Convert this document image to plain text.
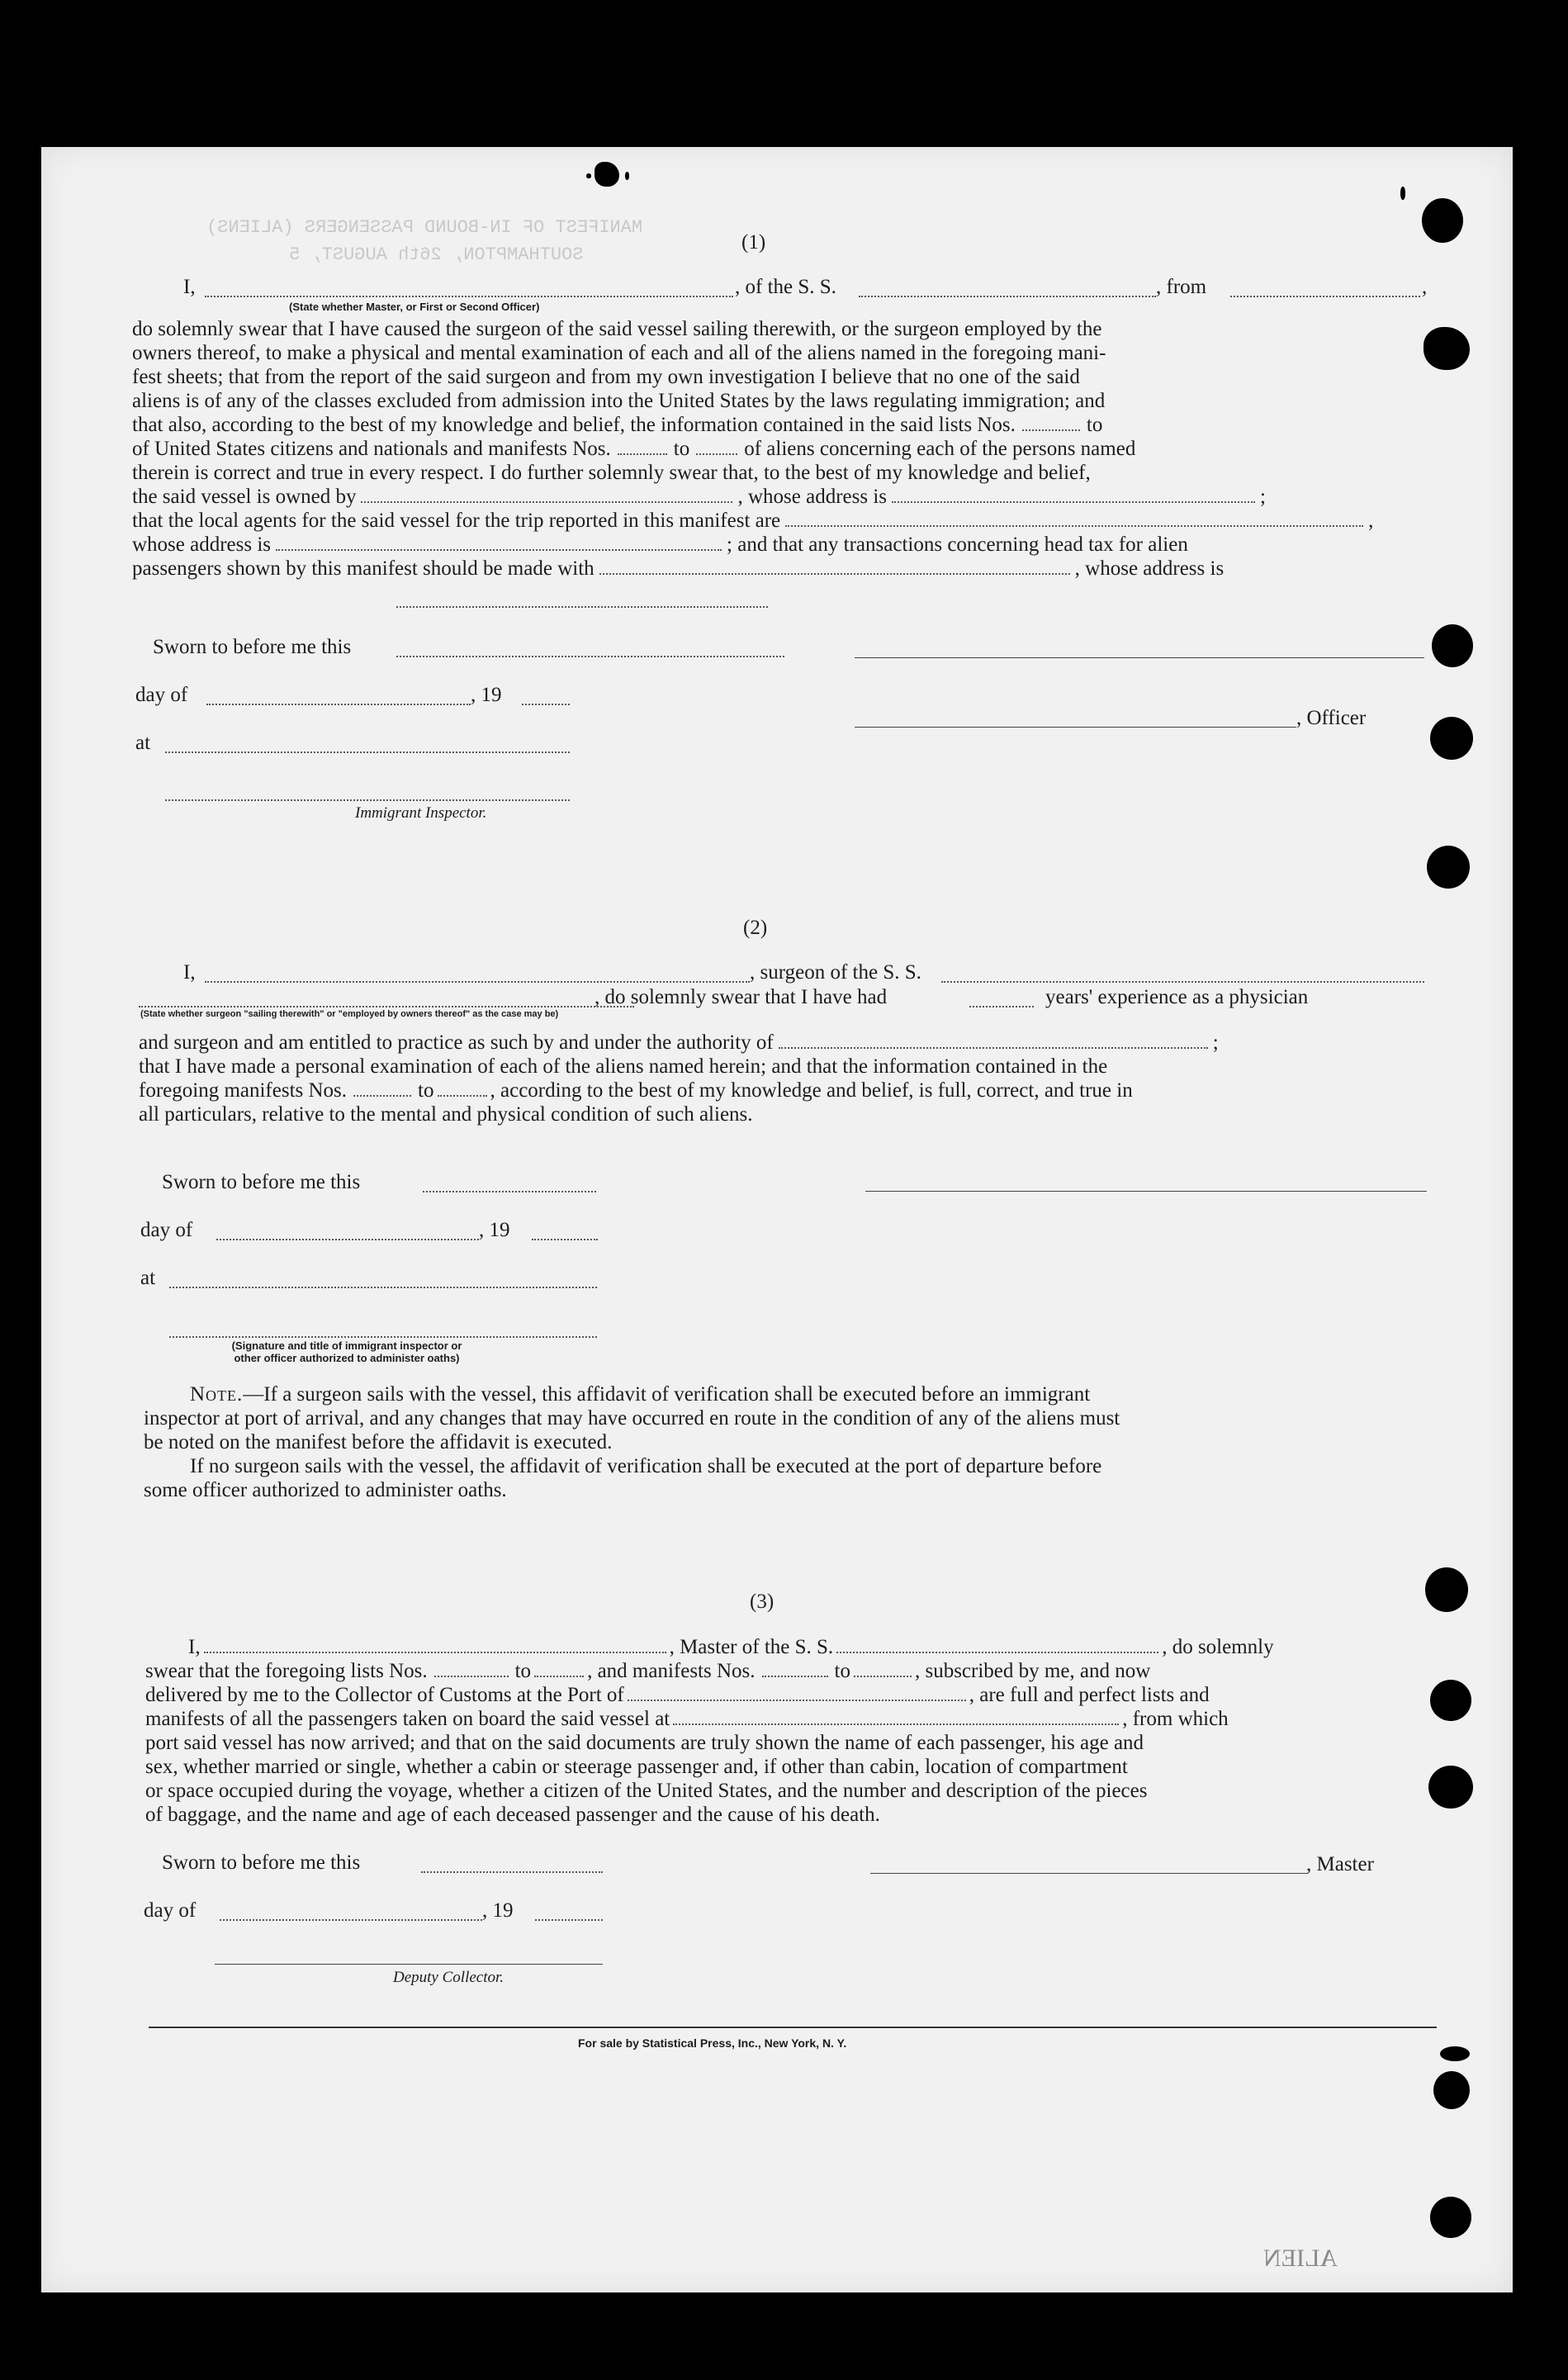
MANIFEST OF IN-BOUND PASSENGERS (ALIENS)
SOUTHAMPTON, 26th AUGUST, 5
ALIEN
(1)
I,	, of the S. S.	, from	,
(State whether Master, or First or Second Officer)
do solemnly swear that I have caused the surgeon of the said vessel sailing therewith, or the surgeon employed by the
owners thereof, to make a physical and mental examination of each and all of the aliens named in the foregoing mani-
fest sheets; that from the report of the said surgeon and from my own investigation I believe that no one of the said
aliens is of any of the classes excluded from admission into the United States by the laws regulating immigration; and
that also, according to the best of my knowledge and belief, the information contained in the said lists Nos.	to
of United States citizens and nationals and manifests Nos.	to	of aliens concerning each of the persons named
therein is correct and true in every respect. I do further solemnly swear that, to the best of my knowledge and belief,
the said vessel is owned by	, whose address is	;
that the local agents for the said vessel for the trip reported in this manifest are	,
whose address is	; and that any transactions concerning head tax for alien
passengers shown by this manifest should be made with	, whose address is
Sworn to before me this
day of	, 19
, Officer
at
Immigrant Inspector.
(2)
I,	, surgeon of the S. S.
, do solemnly swear that I have had	years' experience as a physician
(State whether surgeon "sailing therewith" or "employed by owners thereof" as the case may be)
and surgeon and am entitled to practice as such by and under the authority of	;
that I have made a personal examination of each of the aliens named herein; and that the information contained in the
foregoing manifests Nos.	to	, according to the best of my knowledge and belief, is full, correct, and true in
all particulars, relative to the mental and physical condition of such aliens.
Sworn to before me this
day of	, 19
at
(Signature and title of immigrant inspector or
other officer authorized to administer oaths)
Note.—If a surgeon sails with the vessel, this affidavit of verification shall be executed before an immigrant
inspector at port of arrival, and any changes that may have occurred en route in the condition of any of the aliens must
be noted on the manifest before the affidavit is executed.
If no surgeon sails with the vessel, the affidavit of verification shall be executed at the port of departure before
some officer authorized to administer oaths.
(3)
I,	, Master of the S. S.	, do solemnly
swear that the foregoing lists Nos.	to	, and manifests Nos.	to	, subscribed by me, and now
delivered by me to the Collector of Customs at the Port of	, are full and perfect lists and
manifests of all the passengers taken on board the said vessel at	, from which
port said vessel has now arrived; and that on the said documents are truly shown the name of each passenger, his age and
sex, whether married or single, whether a cabin or steerage passenger and, if other than cabin, location of compartment
or space occupied during the voyage, whether a citizen of the United States, and the number and description of the pieces
of baggage, and the name and age of each deceased passenger and the cause of his death.
Sworn to before me this	, Master
day of	, 19
Deputy Collector.
For sale by Statistical Press, Inc., New York, N. Y.
